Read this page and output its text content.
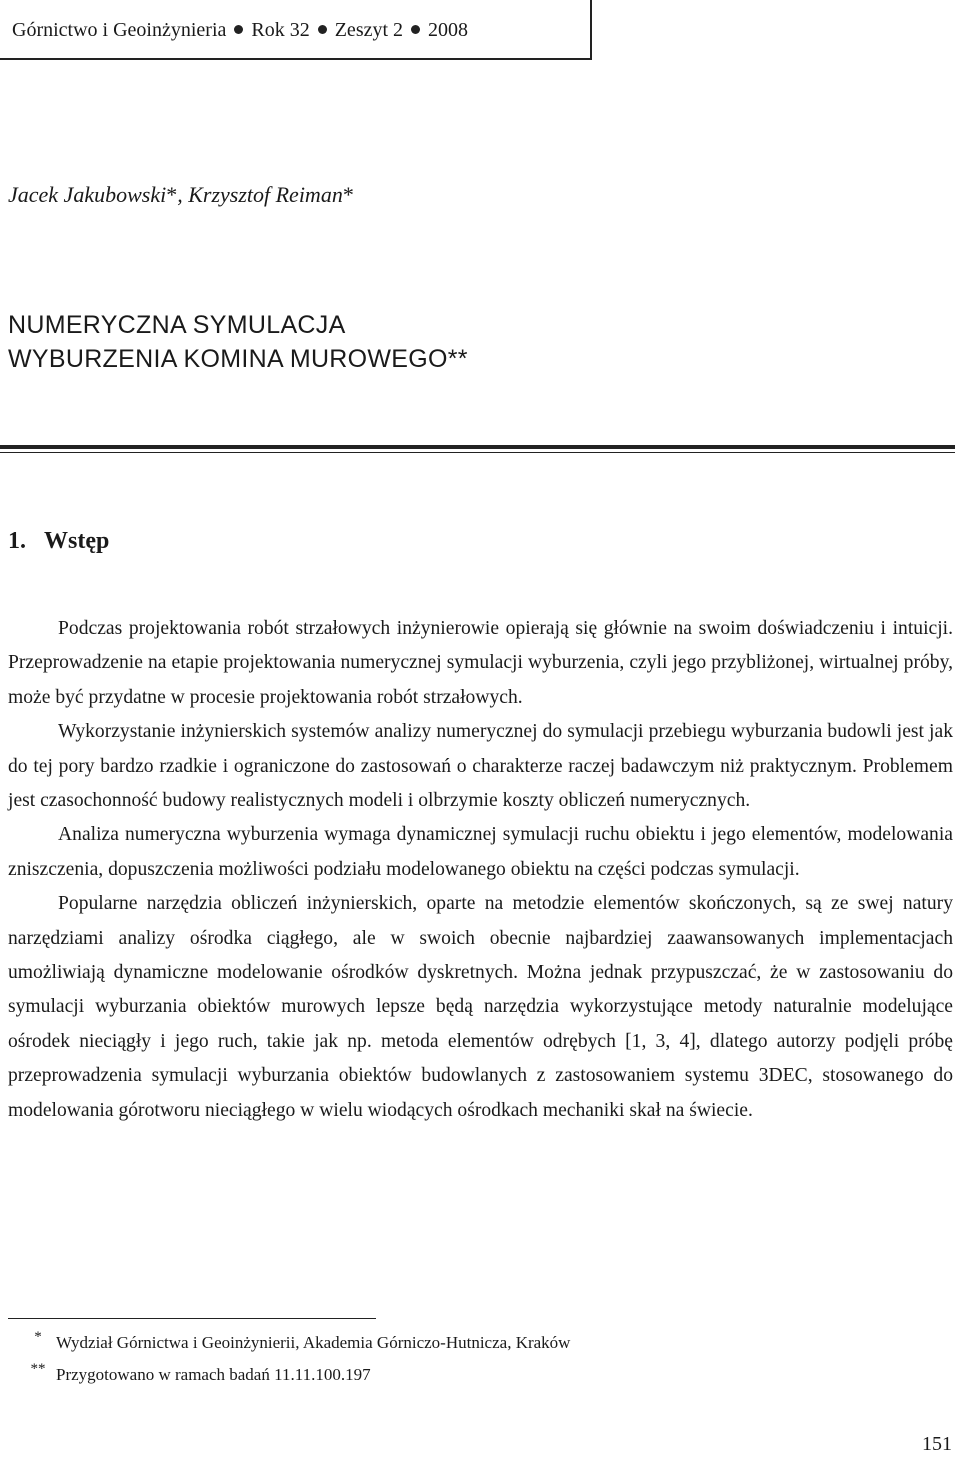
Górnictwo i Geoinżynieria Rok 32 Zeszyt 2 2008
Jacek Jakubowski*, Krzysztof Reiman*
NUMERYCZNA SYMULACJA
WYBURZENIA KOMINA MUROWEGO**
1. Wstęp

Podczas projektowania robót strzałowych inżynierowie opierają się głównie na swoim doświadczeniu i intuicji. Przeprowadzenie na etapie projektowania numerycznej symulacji wyburzenia, czyli jego przybliżonej, wirtualnej próby, może być przydatne w procesie projektowania robót strzałowych.

Wykorzystanie inżynierskich systemów analizy numerycznej do symulacji przebiegu wyburzania budowli jest jak do tej pory bardzo rzadkie i ograniczone do zastosowań o charakterze raczej badawczym niż praktycznym. Problemem jest czasochonność budowy realistycznych modeli i olbrzymie koszty obliczeń numerycznych.

Analiza numeryczna wyburzenia wymaga dynamicznej symulacji ruchu obiektu i jego elementów, modelowania zniszczenia, dopuszczenia możliwości podziału modelowanego obiektu na części podczas symulacji.

Popularne narzędzia obliczeń inżynierskich, oparte na metodzie elementów skończonych, są ze swej natury narzędziami analizy ośrodka ciągłego, ale w swoich obecnie najbardziej zaawansowanych implementacjach umożliwiają dynamiczne modelowanie ośrodków dyskretnych. Można jednak przypuszczać, że w zastosowaniu do symulacji wyburzania obiektów murowych lepsze będą narzędzia wykorzystujące metody naturalnie modelujące ośrodek nieciągły i jego ruch, takie jak np. metoda elementów odrębych [1, 3, 4], dlatego autorzy podjęli próbę przeprowadzenia symulacji wyburzania obiektów budowlanych z zastosowaniem systemu 3DEC, stosowanego do modelowania górotworu nieciągłego w wielu wiodących ośrodkach mechaniki skał na świecie.

* Wydział Górnictwa i Geoinżynierii, Akademia Górniczo-Hutnicza, Kraków
** Przygotowano w ramach badań 11.11.100.197
151
